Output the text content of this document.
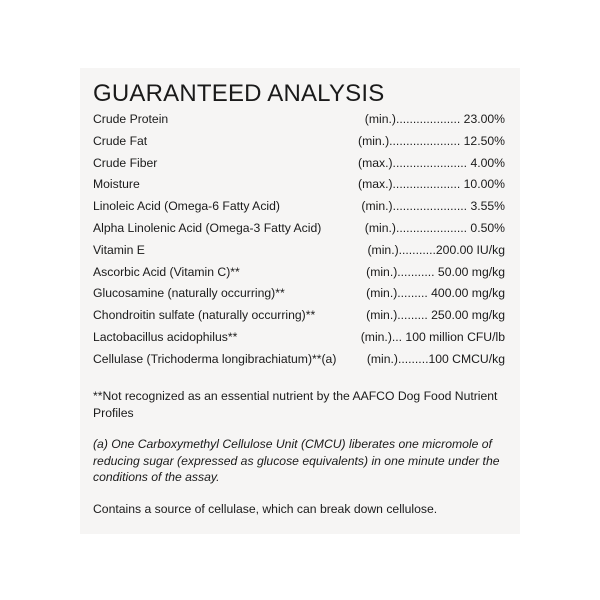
GUARANTEED ANALYSIS
Crude Protein	(min.)................... 23.00%
Crude Fat	(min.)..................... 12.50%
Crude Fiber	(max.)...................... 4.00%
Moisture	(max.).................... 10.00%
Linoleic Acid (Omega-6 Fatty Acid)	(min.)...................... 3.55%
Alpha Linolenic Acid (Omega-3 Fatty Acid)	(min.)..................... 0.50%
Vitamin E	(min.)...........200.00 IU/kg
Ascorbic Acid (Vitamin C)**	(min.)........... 50.00 mg/kg
Glucosamine (naturally occurring)**	(min.)......... 400.00 mg/kg
Chondroitin sulfate (naturally occurring)**	(min.)......... 250.00 mg/kg
Lactobacillus acidophilus**	(min.)... 100 million CFU/lb
Cellulase (Trichoderma longibrachiatum)**(a)	(min.).........100 CMCU/kg

**Not recognized as an essential nutrient by the AAFCO Dog Food Nutrient Profiles

(a) One Carboxymethyl Cellulose Unit (CMCU) liberates one micromole of reducing sugar (expressed as glucose equivalents) in one minute under the conditions of the assay.

Contains a source of cellulase, which can break down cellulose.
